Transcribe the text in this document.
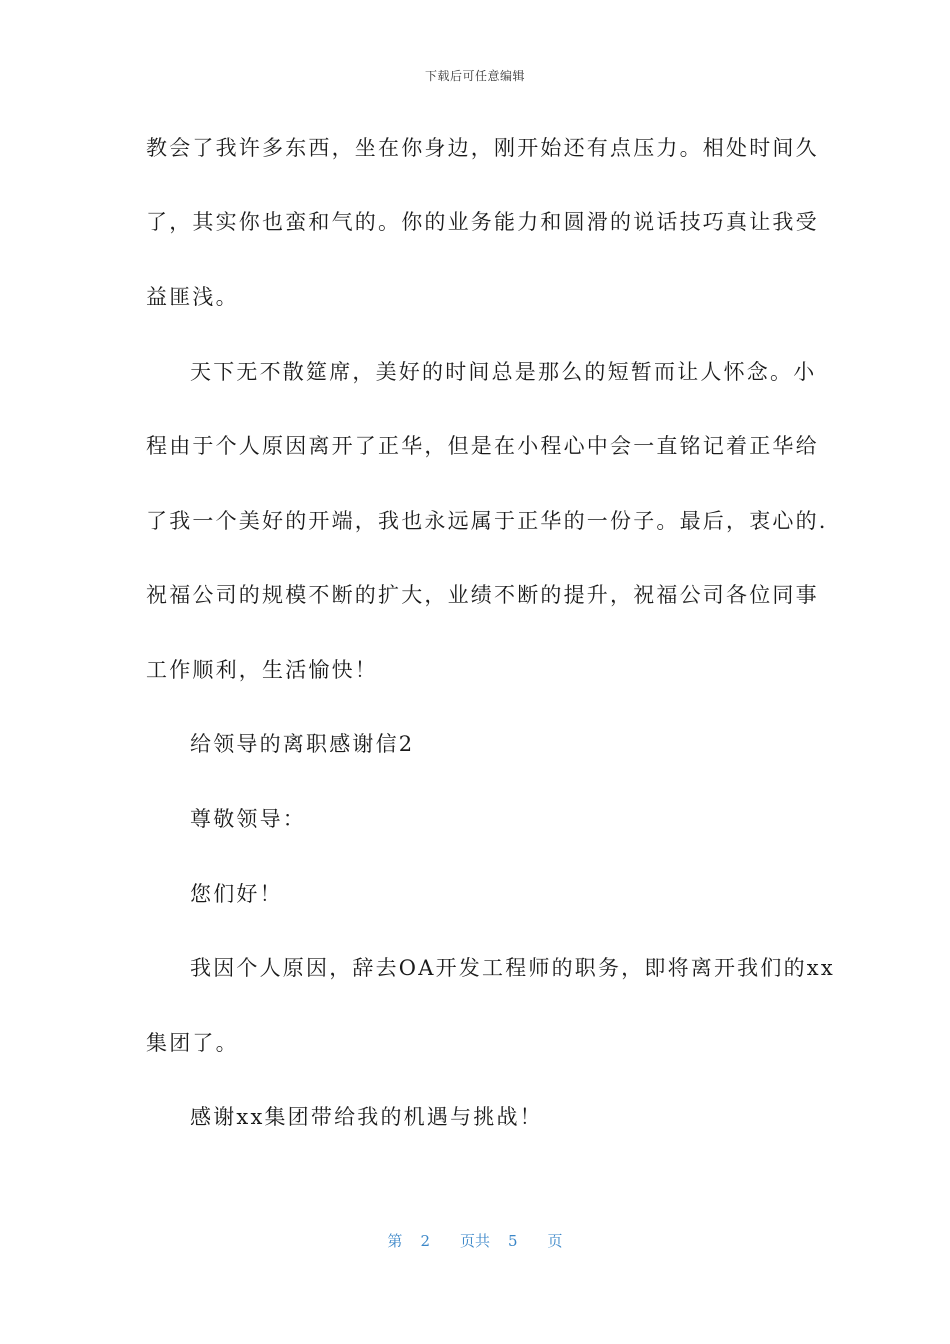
下载后可任意编辑
教会了我许多东西，坐在你身边，刚开始还有点压力。相处时间久
了，其实你也蛮和气的。你的业务能力和圆滑的说话技巧真让我受
益匪浅。
天下无不散筵席，美好的时间总是那么的短暂而让人怀念。小
程由于个人原因离开了正华，但是在小程心中会一直铭记着正华给
了我一个美好的开端，我也永远属于正华的一份子。最后，衷心的.
祝福公司的规模不断的扩大，业绩不断的提升，祝福公司各位同事
工作顺利，生活愉快！
给领导的离职感谢信2
尊敬领导：
您们好！
我因个人原因，辞去OA开发工程师的职务，即将离开我们的xx
集团了。
感谢xx集团带给我的机遇与挑战！
第 2 页共 5 页
